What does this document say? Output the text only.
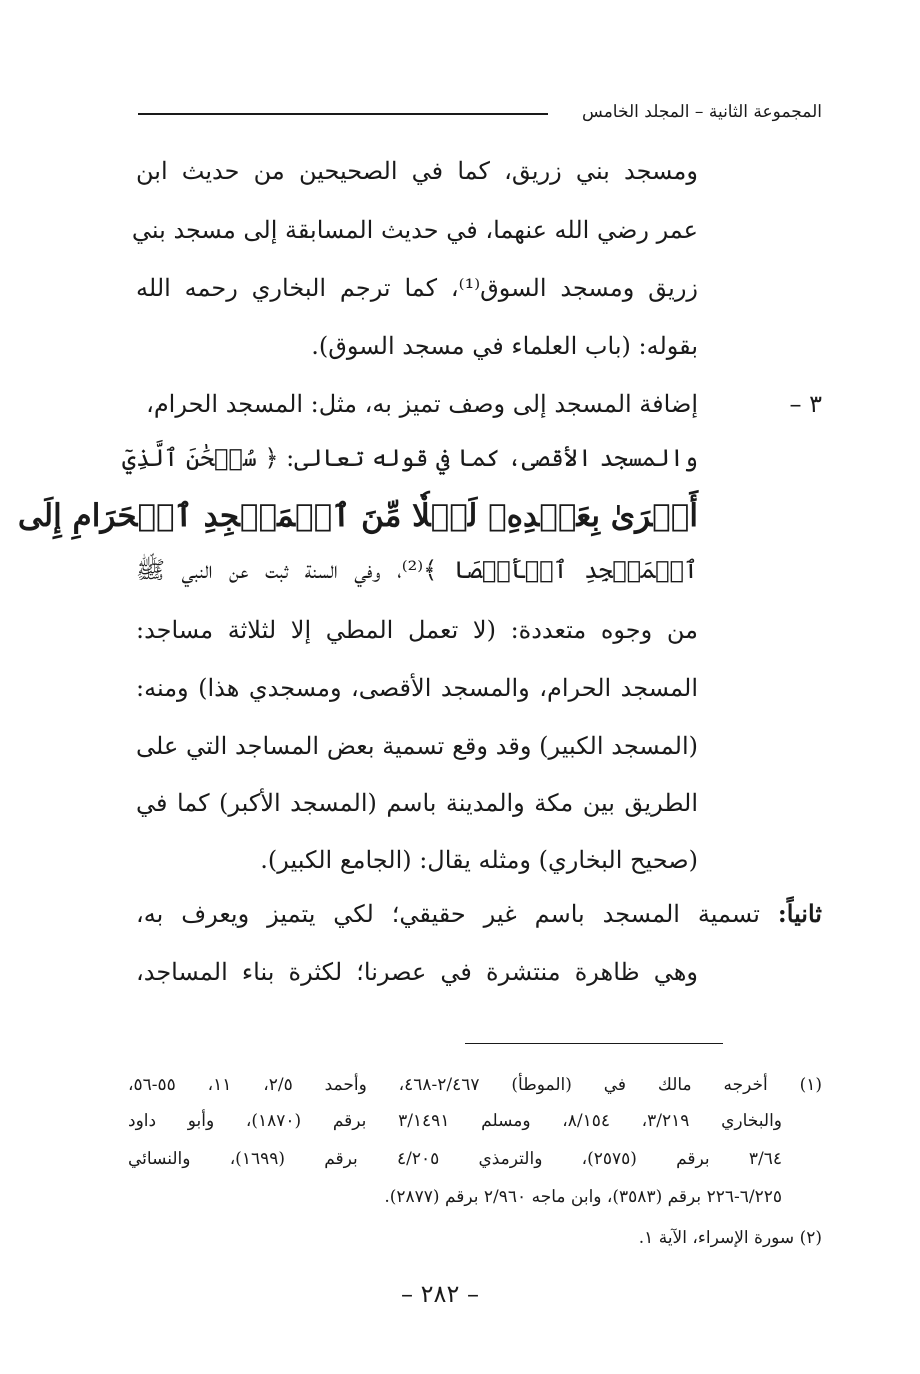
المجموعة الثانية – المجلد الخامس
ومسجد بني زريق، كما في الصحيحين من حديث ابن
عمر رضي الله عنهما، في حديث المسابقة إلى مسجد بني
زريق ومسجد السوق⁽¹⁾، كما ترجم البخاري رحمه الله
بقوله: (باب العلماء في مسجد السوق).
٣ –
إضافة المسجد إلى وصف تميز به، مثل: المسجد الحرام،
والمسجد الأقصى، كما في قوله تعالى: ﴿ سُبۡحَٰنَ ٱلَّذِيٓ
أَسۡرَىٰ بِعَبۡدِهِۦ لَيۡلٗا مِّنَ ٱلۡمَسۡجِدِ ٱلۡحَرَامِ إِلَى
ٱلۡمَسۡجِدِ ٱلۡأَقۡصَا ﴾⁽²⁾، وفي السنة ثبت عن النبي ﷺ
من وجوه متعددة: (لا تعمل المطي إلا لثلاثة مساجد:
المسجد الحرام، والمسجد الأقصى، ومسجدي هذا) ومنه:
(المسجد الكبير) وقد وقع تسمية بعض المساجد التي على
الطريق بين مكة والمدينة باسم (المسجد الأكبر) كما في
(صحيح البخاري) ومثله يقال: (الجامع الكبير).
ثانياً: تسمية المسجد باسم غير حقيقي؛ لكي يتميز ويعرف به،
وهي ظاهرة منتشرة في عصرنا؛ لكثرة بناء المساجد،
(١) أخرجه مالك في (الموطأ) ٢/٤٦٧-٤٦٨، وأحمد ٢/٥، ١١، ٥٥-٥٦،
والبخاري ٣/٢١٩، ٨/١٥٤، ومسلم ٣/١٤٩١ برقم (١٨٧٠)، وأبو داود
٣/٦٤ برقم (٢٥٧٥)، والترمذي ٤/٢٠٥ برقم (١٦٩٩)، والنسائي
٦/٢٢٥-٢٢٦ برقم (٣٥٨٣)، وابن ماجه ٢/٩٦٠ برقم (٢٨٧٧).
(٢) سورة الإسراء، الآية ١.
– ٢٨٢ –
